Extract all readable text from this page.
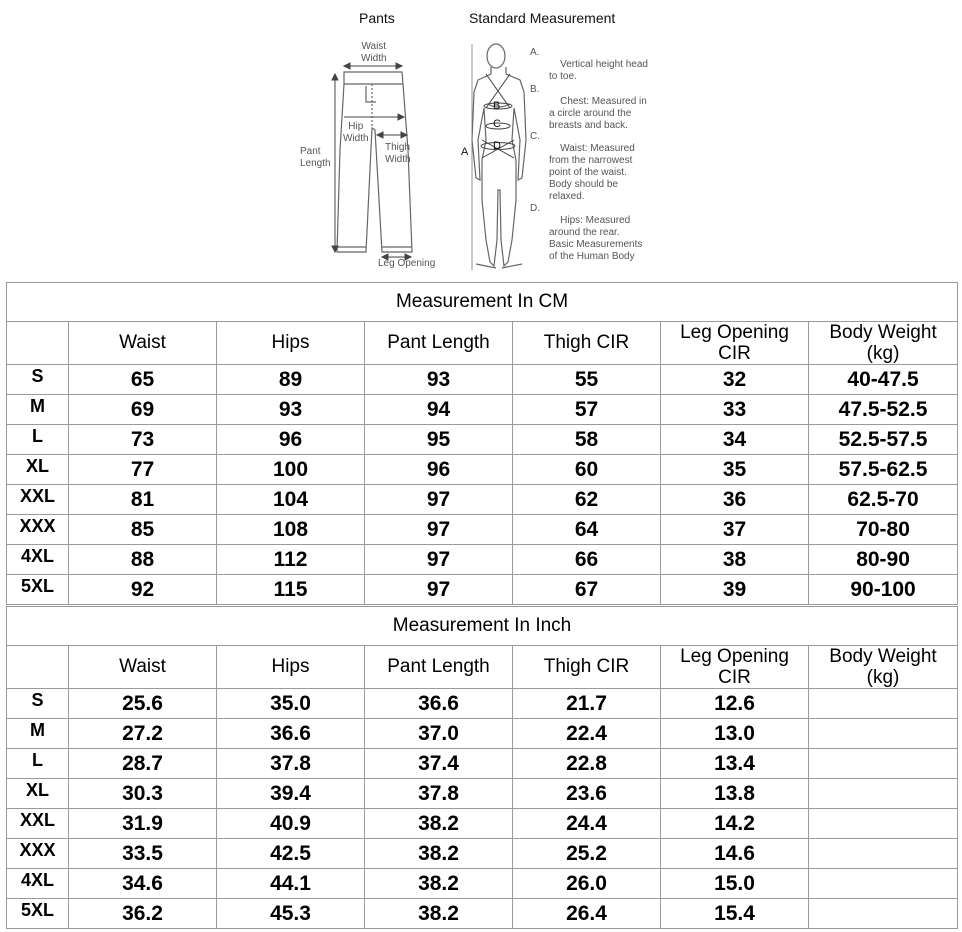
Pants	Standard Measurement
Waist
Width
Hip
Width
Pant
Length
Thigh
Width
Leg Opening
A
B
C
D

A.
Vertical height head
to toe.

B.
Chest: Measured in
a circle around the
breasts and back.

C.
Waist: Measured
from the narrowest
point of the waist.
Body should be
relaxed.

D.
Hips: Measured
around the rear.
Basic Measurements
of the Human Body

Measurement In CM						
	Waist	Hips	Pant Length	Thigh CIR	Leg Opening
CIR	Body Weight
(kg)
S	65	89	93	55	32	40-47.5
M	69	93	94	57	33	47.5-52.5
L	73	96	95	58	34	52.5-57.5
XL	77	100	96	60	35	57.5-62.5
XXL	81	104	97	62	36	62.5-70
XXX	85	108	97	64	37	70-80
4XL	88	112	97	66	38	80-90
5XL	92	115	97	67	39	90-100
Measurement In Inch						
	Waist	Hips	Pant Length	Thigh CIR	Leg Opening
CIR	Body Weight
(kg)
S	25.6	35.0	36.6	21.7	12.6	
M	27.2	36.6	37.0	22.4	13.0	
L	28.7	37.8	37.4	22.8	13.4	
XL	30.3	39.4	37.8	23.6	13.8	
XXL	31.9	40.9	38.2	24.4	14.2	
XXX	33.5	42.5	38.2	25.2	14.6	
4XL	34.6	44.1	38.2	26.0	15.0	
5XL	36.2	45.3	38.2	26.4	15.4	
